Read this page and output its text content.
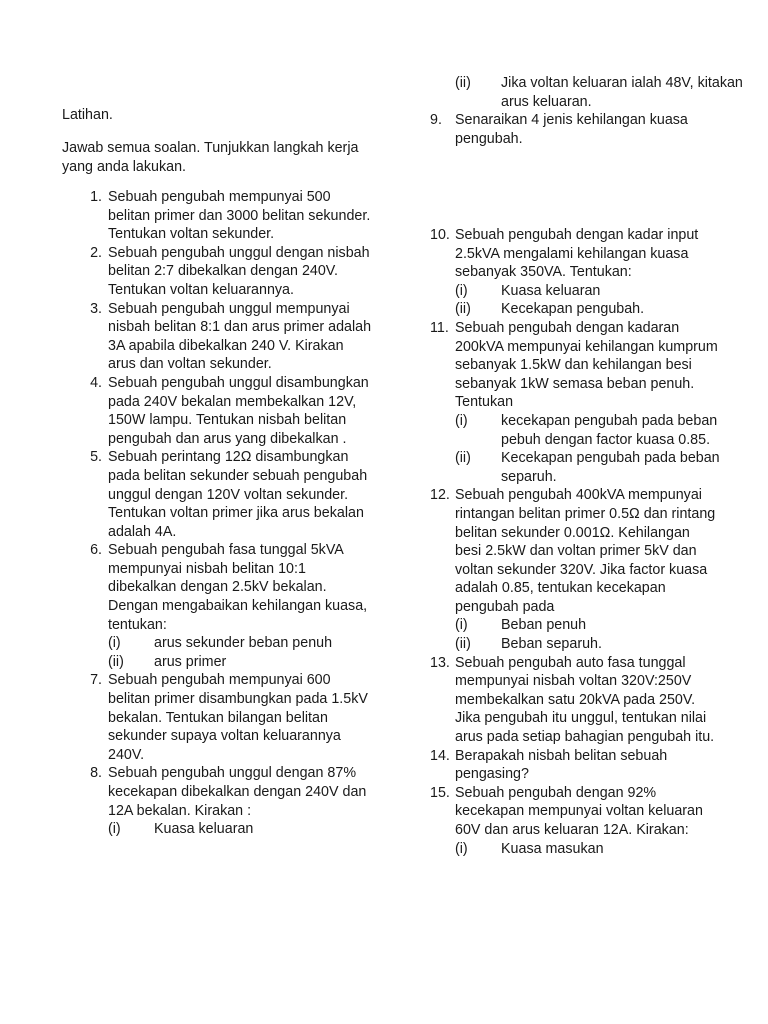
Latihan.
Jawab semua soalan. Tunjukkan langkah kerja yang anda lakukan.
1. Sebuah pengubah mempunyai 500 belitan primer dan 3000 belitan sekunder. Tentukan voltan sekunder.
2. Sebuah pengubah unggul dengan nisbah belitan 2:7 dibekalkan dengan 240V. Tentukan voltan keluarannya.
3. Sebuah pengubah unggul mempunyai nisbah belitan 8:1 dan arus primer adalah 3A apabila dibekalkan 240 V. Kirakan arus dan voltan sekunder.
4. Sebuah pengubah unggul disambungkan pada 240V bekalan membekalkan 12V, 150W lampu. Tentukan nisbah belitan pengubah dan arus yang dibekalkan .
5. Sebuah perintang 12Ω disambungkan pada belitan sekunder sebuah pengubah unggul dengan 120V voltan sekunder. Tentukan voltan primer jika arus bekalan adalah 4A.
6. Sebuah pengubah fasa tunggal 5kVA mempunyai nisbah belitan 10:1 dibekalkan dengan 2.5kV bekalan. Dengan mengabaikan kehilangan kuasa, tentukan:
(i) arus sekunder beban penuh
(ii) arus primer
7. Sebuah pengubah mempunyai 600 belitan primer disambungkan pada 1.5kV bekalan. Tentukan bilangan belitan sekunder supaya voltan keluarannya 240V.
8. Sebuah pengubah unggul dengan 87% kecekapan dibekalkan dengan 240V dan 12A bekalan. Kirakan :
(i) Kuasa keluaran
(ii) Jika voltan keluaran ialah 48V, kitakan arus keluaran.
9. Senaraikan 4 jenis kehilangan kuasa pengubah.
10. Sebuah pengubah dengan kadar input 2.5kVA mengalami kehilangan kuasa sebanyak 350VA. Tentukan:
(i) Kuasa keluaran
(ii) Kecekapan pengubah.
11. Sebuah pengubah dengan kadaran 200kVA mempunyai kehilangan kumprum sebanyak 1.5kW dan kehilangan besi sebanyak 1kW semasa beban penuh. Tentukan
(i) kecekapan pengubah pada beban pebuh dengan factor kuasa 0.85.
(ii) Kecekapan pengubah pada beban separuh.
12. Sebuah pengubah 400kVA mempunyai rintangan belitan primer 0.5Ω dan rintang belitan sekunder 0.001Ω. Kehilangan besi 2.5kW dan voltan primer 5kV dan voltan sekunder 320V. Jika factor kuasa adalah 0.85, tentukan kecekapan pengubah pada
(i) Beban penuh
(ii) Beban separuh.
13. Sebuah pengubah auto fasa tunggal mempunyai nisbah voltan 320V:250V membekalkan satu 20kVA pada 250V. Jika pengubah itu unggul, tentukan nilai arus pada setiap bahagian pengubah itu.
14. Berapakah nisbah belitan sebuah pengasing?
15. Sebuah pengubah dengan 92% kecekapan mempunyai voltan keluaran 60V dan arus keluaran 12A. Kirakan:
(i) Kuasa masukan
